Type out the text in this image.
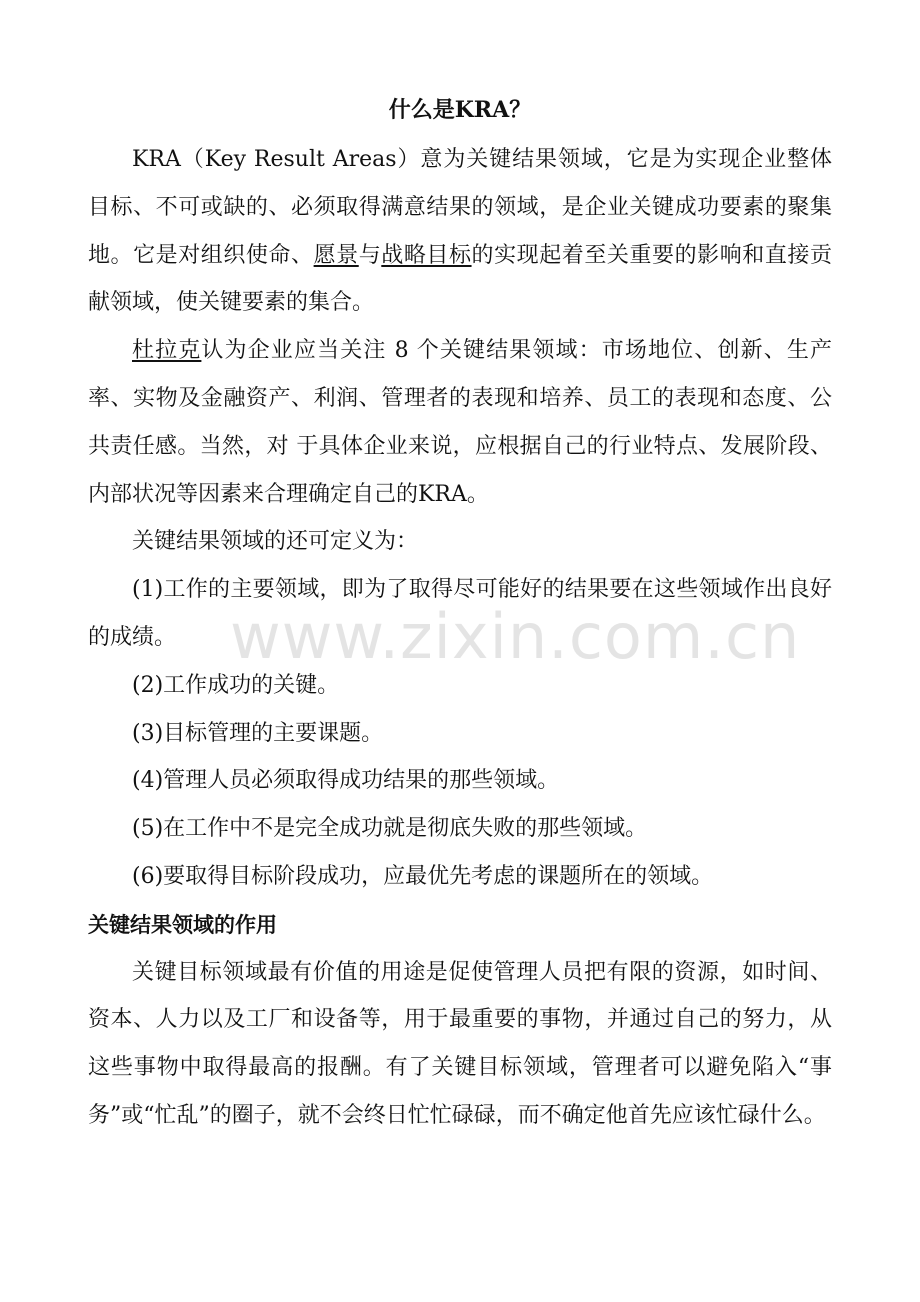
什么是KRA？

KRA（Key Result Areas）意为关键结果领域，它是为实现企业整体目标、不可或缺的、必须取得满意结果的领域，是企业关键成功要素的聚集地。它是对组织使命、愿景与战略目标的实现起着至关重要的影响和直接贡献领域，使关键要素的集合。

杜拉克认为企业应当关注 8 个关键结果领域：市场地位、创新、生产率、实物及金融资产、利润、管理者的表现和培养、员工的表现和态度、公共责任感。当然，对 于具体企业来说，应根据自己的行业特点、发展阶段、内部状况等因素来合理确定自己的KRA。

关键结果领域的还可定义为：

(1)工作的主要领域，即为了取得尽可能好的结果要在这些领域作出良好的成绩。

(2)工作成功的关键。

(3)目标管理的主要课题。

(4)管理人员必须取得成功结果的那些领域。

(5)在工作中不是完全成功就是彻底失败的那些领域。

(6)要取得目标阶段成功，应最优先考虑的课题所在的领域。

关键结果领域的作用

关键目标领域最有价值的用途是促使管理人员把有限的资源，如时间、资本、人力以及工厂和设备等，用于最重要的事物，并通过自己的努力，从这些事物中取得最高的报酬。有了关键目标领域，管理者可以避免陷入“事务”或“忙乱”的圈子，就不会终日忙忙碌碌，而不确定他首先应该忙碌什么。

www.zixin.com.cn
